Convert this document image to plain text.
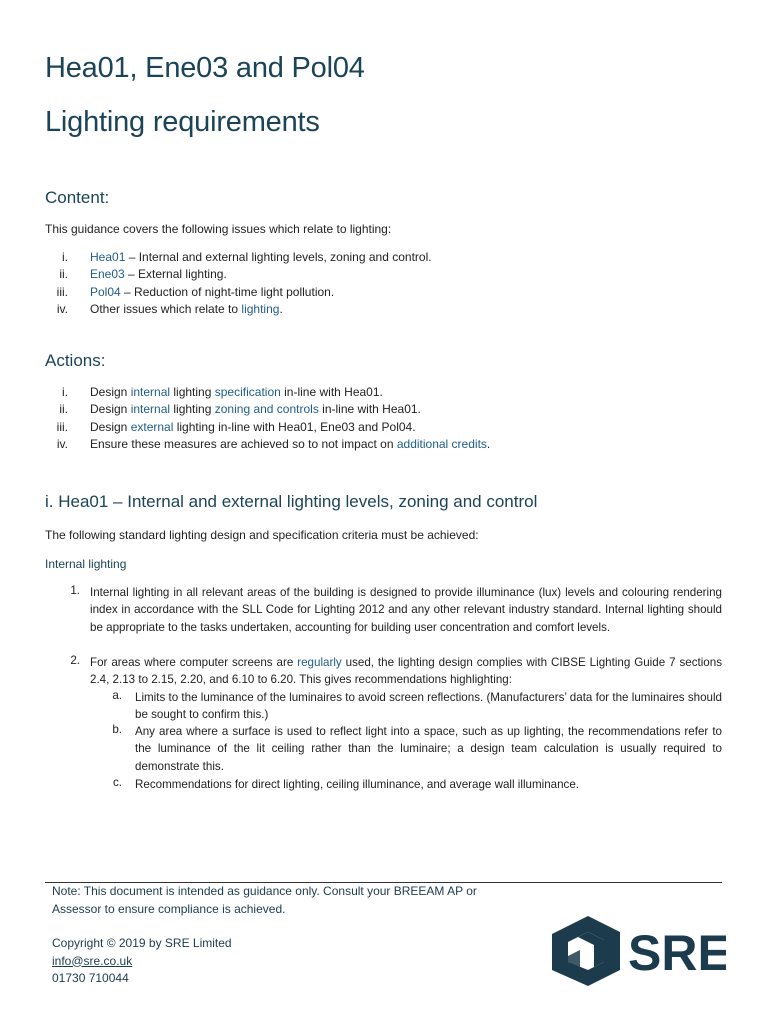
Hea01, Ene03 and Pol04
Lighting requirements
Content:
This guidance covers the following issues which relate to lighting:
i. Hea01 – Internal and external lighting levels, zoning and control.
ii. Ene03 – External lighting.
iii. Pol04 – Reduction of night-time light pollution.
iv. Other issues which relate to lighting.
Actions:
i. Design internal lighting specification in-line with Hea01.
ii. Design internal lighting zoning and controls in-line with Hea01.
iii. Design external lighting in-line with Hea01, Ene03 and Pol04.
iv. Ensure these measures are achieved so to not impact on additional credits.
i. Hea01 – Internal and external lighting levels, zoning and control
The following standard lighting design and specification criteria must be achieved:
Internal lighting
1. Internal lighting in all relevant areas of the building is designed to provide illuminance (lux) levels and colouring rendering index in accordance with the SLL Code for Lighting 2012 and any other relevant industry standard. Internal lighting should be appropriate to the tasks undertaken, accounting for building user concentration and comfort levels.
2. For areas where computer screens are regularly used, the lighting design complies with CIBSE Lighting Guide 7 sections 2.4, 2.13 to 2.15, 2.20, and 6.10 to 6.20. This gives recommendations highlighting:
a. Limits to the luminance of the luminaires to avoid screen reflections. (Manufacturers’ data for the luminaires should be sought to confirm this.)
b. Any area where a surface is used to reflect light into a space, such as up lighting, the recommendations refer to the luminance of the lit ceiling rather than the luminaire; a design team calculation is usually required to demonstrate this.
c. Recommendations for direct lighting, ceiling illuminance, and average wall illuminance.
Note: This document is intended as guidance only. Consult your BREEAM AP or
Assessor to ensure compliance is achieved.
Copyright © 2019 by SRE Limited
info@sre.co.uk
01730 710044	SRE
